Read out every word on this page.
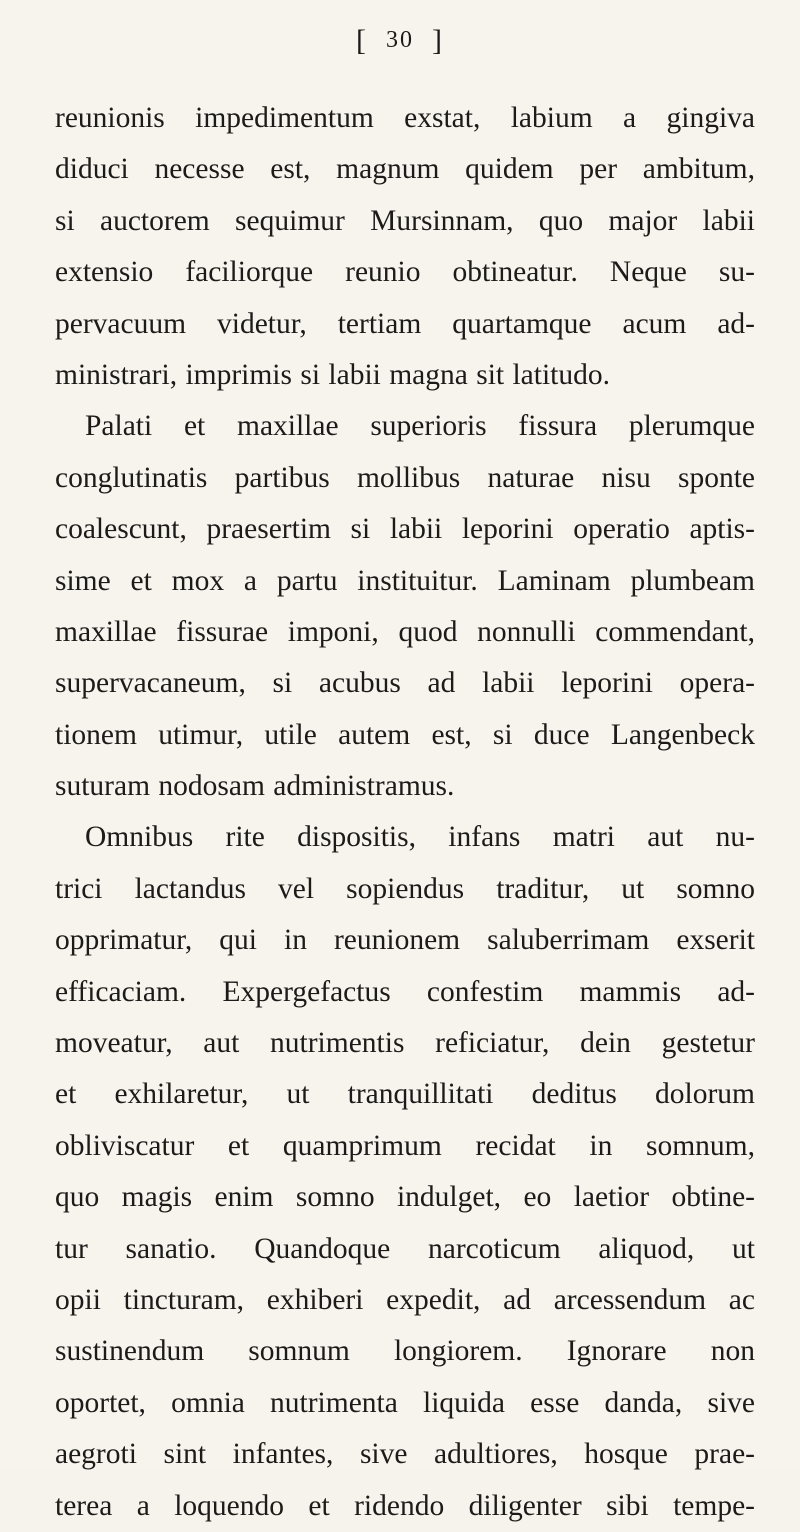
[ 30 ]
reunionis impedimentum exstat, labium a gingiva
diduci necesse est, magnum quidem per ambitum,
si auctorem sequimur Mursinnam, quo major labii
extensio faciliorque reunio obtineatur. Neque su-
pervacuum videtur, tertiam quartamque acum ad-
ministrari, imprimis si labii magna sit latitudo.
Palati et maxillae superioris fissura plerumque
conglutinatis partibus mollibus naturae nisu sponte
coalescunt, praesertim si labii leporini operatio aptis-
sime et mox a partu instituitur. Laminam plumbeam
maxillae fissurae imponi, quod nonnulli commendant,
supervacaneum, si acubus ad labii leporini opera-
tionem utimur, utile autem est, si duce Langenbeck
suturam nodosam administramus.
Omnibus rite dispositis, infans matri aut nu-
trici lactandus vel sopiendus traditur, ut somno
opprimatur, qui in reunionem saluberrimam exserit
efficaciam. Expergefactus confestim mammis ad-
moveatur, aut nutrimentis reficiatur, dein gestetur
et exhilaretur, ut tranquillitati deditus dolorum
obliviscatur et quamprimum recidat in somnum,
quo magis enim somno indulget, eo laetior obtine-
tur sanatio. Quandoque narcoticum aliquod, ut
opii tincturam, exhiberi expedit, ad arcessendum ac
sustinendum somnum longiorem. Ignorare non
oportet, omnia nutrimenta liquida esse danda, sive
aegroti sint infantes, sive adultiores, hosque prae-
terea a loquendo et ridendo diligenter sibi tempe-
